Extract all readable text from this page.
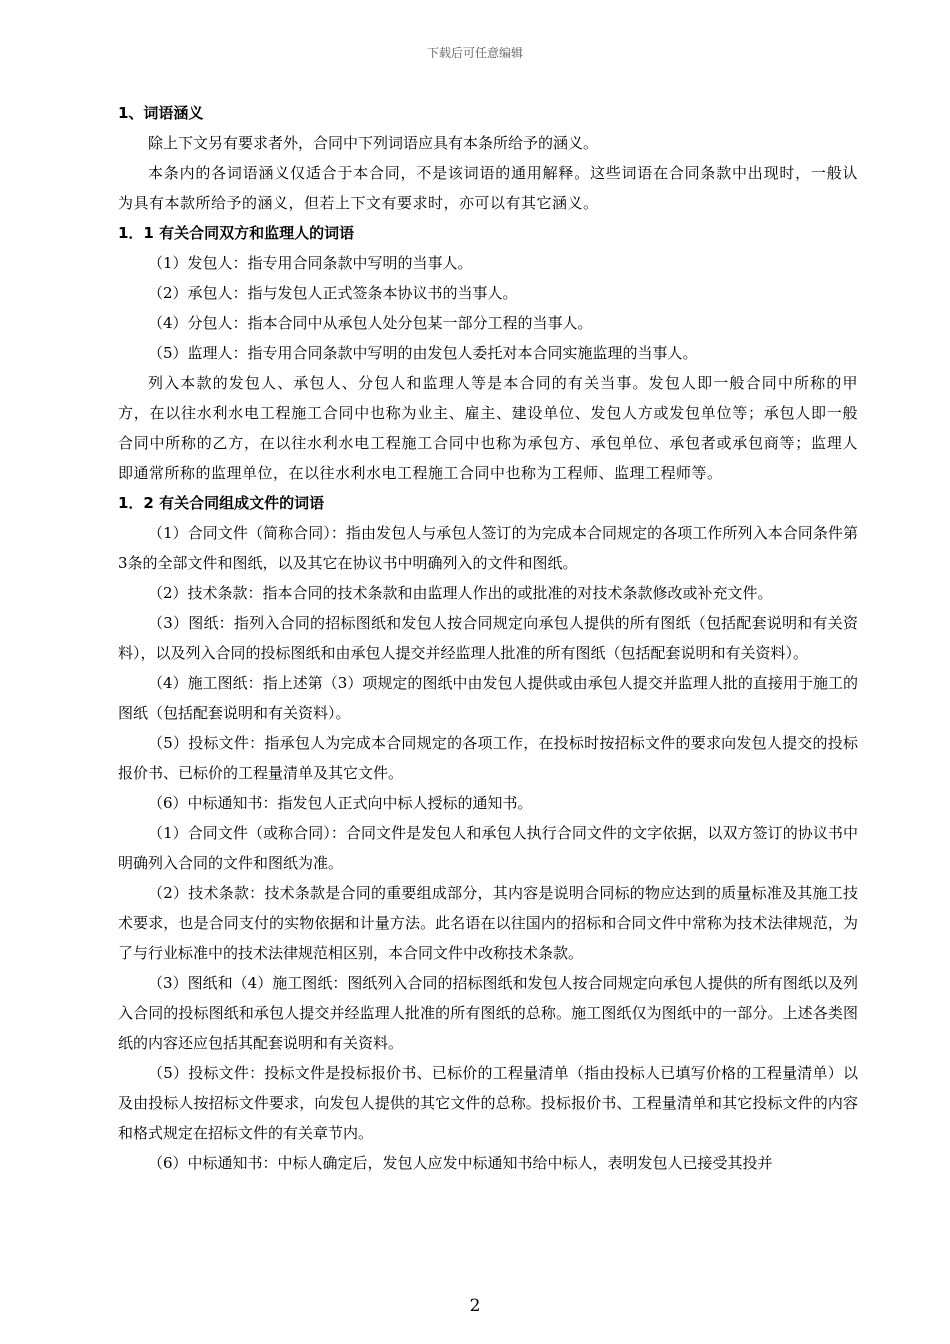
下载后可任意编辑

1、词语涵义

除上下文另有要求者外，合同中下列词语应具有本条所给予的涵义。

本条内的各词语涵义仅适合于本合同，不是该词语的通用解释。这些词语在合同条款中出现时，一般认为具有本款所给予的涵义，但若上下文有要求时，亦可以有其它涵义。

1．1 有关合同双方和监理人的词语

（1）发包人：指专用合同条款中写明的当事人。

（2）承包人：指与发包人正式签条本协议书的当事人。

（4）分包人：指本合同中从承包人处分包某一部分工程的当事人。

（5）监理人：指专用合同条款中写明的由发包人委托对本合同实施监理的当事人。

列入本款的发包人、承包人、分包人和监理人等是本合同的有关当事。发包人即一般合同中所称的甲方，在以往水利水电工程施工合同中也称为业主、雇主、建设单位、发包人方或发包单位等；承包人即一般合同中所称的乙方，在以往水利水电工程施工合同中也称为承包方、承包单位、承包者或承包商等；监理人即通常所称的监理单位，在以往水利水电工程施工合同中也称为工程师、监理工程师等。

1．2 有关合同组成文件的词语

（1）合同文件（简称合同）：指由发包人与承包人签订的为完成本合同规定的各项工作所列入本合同条件第3条的全部文件和图纸，以及其它在协议书中明确列入的文件和图纸。

（2）技术条款：指本合同的技术条款和由监理人作出的或批准的对技术条款修改或补充文件。

（3）图纸：指列入合同的招标图纸和发包人按合同规定向承包人提供的所有图纸（包括配套说明和有关资料），以及列入合同的投标图纸和由承包人提交并经监理人批准的所有图纸（包括配套说明和有关资料）。

（4）施工图纸：指上述第（3）项规定的图纸中由发包人提供或由承包人提交并监理人批的直接用于施工的图纸（包括配套说明和有关资料）。

（5）投标文件：指承包人为完成本合同规定的各项工作，在投标时按招标文件的要求向发包人提交的投标报价书、已标价的工程量清单及其它文件。

（6）中标通知书：指发包人正式向中标人授标的通知书。

（1）合同文件（或称合同）：合同文件是发包人和承包人执行合同文件的文字依据，以双方签订的协议书中明确列入合同的文件和图纸为准。

（2）技术条款：技术条款是合同的重要组成部分，其内容是说明合同标的物应达到的质量标准及其施工技术要求，也是合同支付的实物依据和计量方法。此名语在以往国内的招标和合同文件中常称为技术法律规范，为了与行业标准中的技术法律规范相区别，本合同文件中改称技术条款。

（3）图纸和（4）施工图纸：图纸列入合同的招标图纸和发包人按合同规定向承包人提供的所有图纸以及列入合同的投标图纸和承包人提交并经监理人批准的所有图纸的总称。施工图纸仅为图纸中的一部分。上述各类图纸的内容还应包括其配套说明和有关资料。

（5）投标文件：投标文件是投标报价书、已标价的工程量清单（指由投标人已填写价格的工程量清单）以及由投标人按招标文件要求，向发包人提供的其它文件的总称。投标报价书、工程量清单和其它投标文件的内容和格式规定在招标文件的有关章节内。

（6）中标通知书：中标人确定后，发包人应发中标通知书给中标人，表明发包人已接受其投并

2
